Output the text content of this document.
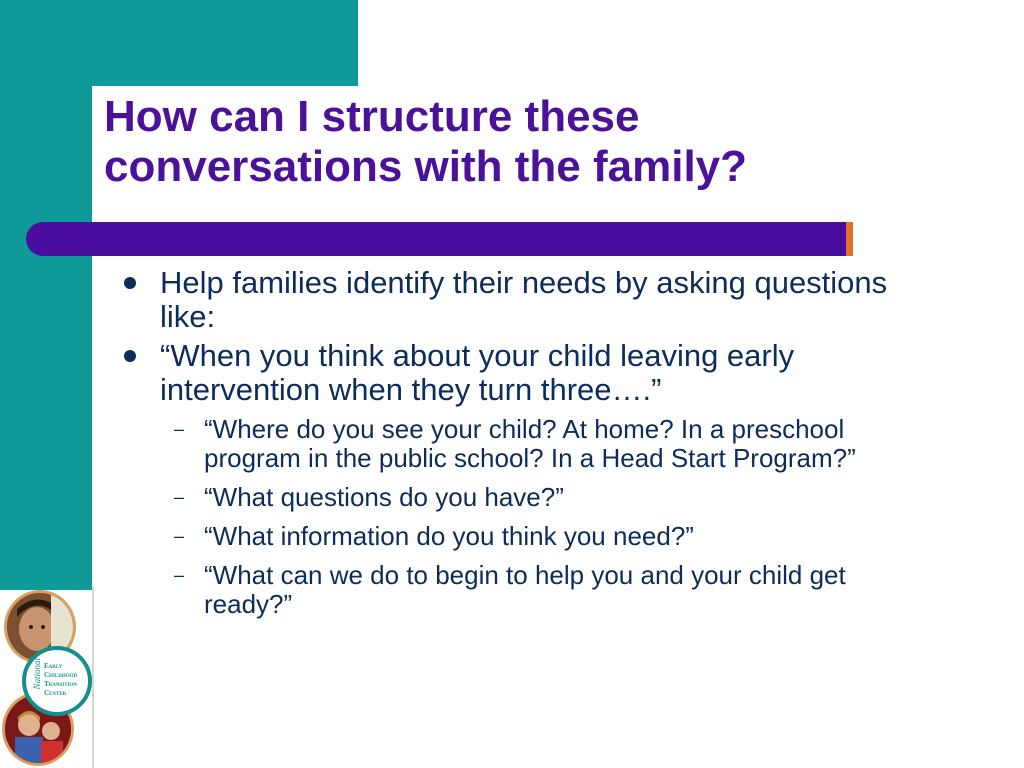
How can I structure these conversations with the family?
Help families identify their needs by asking questions like:
“When you think about your child leaving early intervention when they turn three….”
– “Where do you see your child? At home? In a preschool program in the public school? In a Head Start Program?”
– “What questions do you have?”
– “What information do you think you need?”
– “What can we do to begin to help you and your child get ready?”
National Early
Childhood
Transition
Center
